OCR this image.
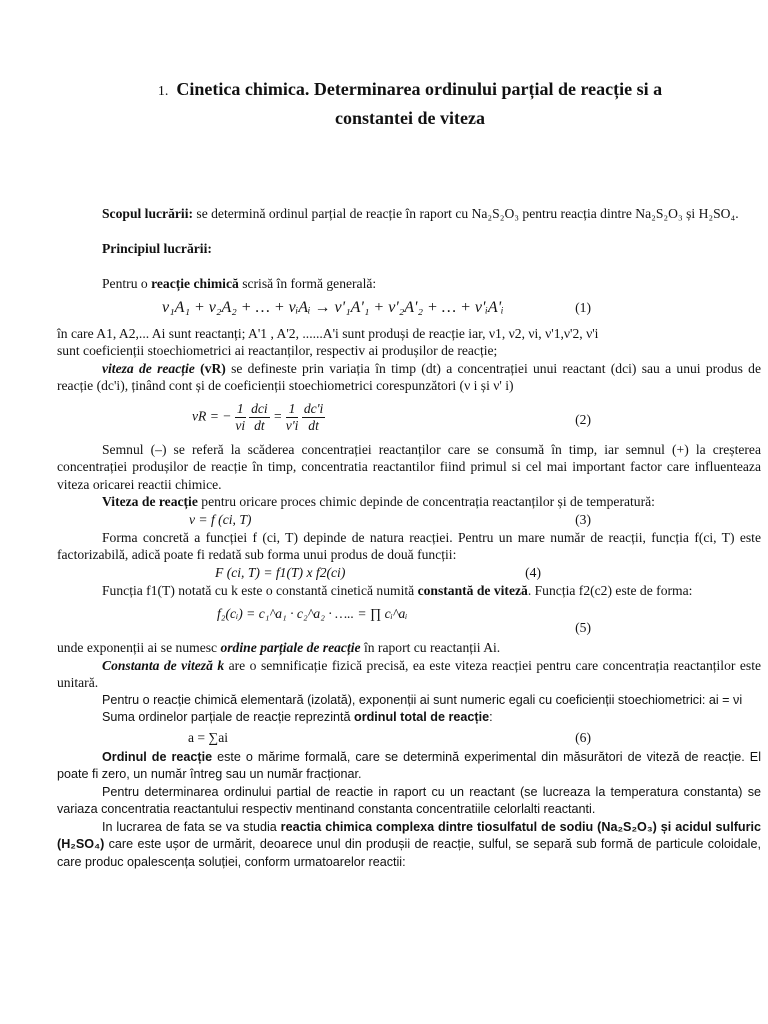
1. Cinetica chimica. Determinarea ordinului parțial de reacție si a
constantei de viteza

Scopul lucrării: se determină ordinul parțial de reacție în raport cu Na₂S₂O₃ pentru reacția dintre Na₂S₂O₃ și H₂SO₄.

Principiul lucrării:

Pentru o reacție chimică scrisă în formă generală:

ν₁A₁ + ν₂A₂ + … + νᵢAᵢ → ν'₁A'₁ + ν'₂A'₂ + … + ν'ᵢA'ᵢ	(1)

în care A1, A2,... Ai sunt reactanți; A'1 , A'2, ......A'i sunt produși de reacție iar, ν1, ν2, νi, ν'1,ν'2, ν'i

sunt coeficienții stoechiometrici ai reactanților, respectiv ai produșilor de reacție;

viteza de reacție (vR) se defineste prin variația în timp (dt) a concentrației unui reactant (dci) sau a unui produs de reacție (dc'i), ținând cont și de coeficienții stoechiometrici corespunzători (ν i și ν' i)

vR = − $\frac{1}{\nu i}$
$\frac{\text{dci}}{dt} = \frac{1}{\nu'i}$
$\frac{dc'i}{dt}$	(2)

Semnul (–) se referă la scăderea concentrației reactanților care se consumă în timp, iar semnul (+) la creșterea concentrației produșilor de reacție în timp, concentratia reactantilor fiind primul si cel mai important factor care influenteaza viteza oricarei reactii chimice.

Viteza de reacție pentru oricare proces chimic depinde de concentrația reactanților și de temperatură:

v = f (ci, T)	(3)

Forma concretă a funcției f (ci, T) depinde de natura reacției. Pentru un mare număr de reacții, funcția f(ci, T) este factorizabilă, adică poate fi redată sub forma unui produs de două funcții:

F (ci, T) = f1(T) x f2(ci)	(4)

Funcția f1(T) notată cu k este o constantă cinetică numită constantă de viteză. Funcția f2(c2) este de forma:

f₂(cᵢ) = c₁^a₁ · c₂^a₂ · ….. = ∏ cᵢ^aᵢ
(5)

unde exponenții ai se numesc ordine parțiale de reacție în raport cu reactanții Ai.

Constanta de viteză k are o semnificație fizică precisă, ea este viteza reacției pentru care concentrația reactanților este unitară.

Pentru o reacție chimică elementară (izolată), exponenții ai sunt numeric egali cu coeficienții stoechiometrici: ai = νi

Suma ordinelor parțiale de reacție reprezintă ordinul total de reacție:

a = ∑ai	(6)

Ordinul de reacție este o mărime formală, care se determină experimental din măsurători de viteză de reacție. El poate fi zero, un număr întreg sau un număr fracționar.

Pentru determinarea ordinului partial de reactie in raport cu un reactant (se lucreaza la temperatura constanta) se variaza concentratia reactantului respectiv mentinand constanta concentratiile celorlalti reactanti.

In lucrarea de fata se va studia reactia chimica complexa dintre tiosulfatul de sodiu (Na₂S₂O₃) și acidul sulfuric (H₂SO₄) care este ușor de urmărit, deoarece unul din produșii de reacție, sulful, se separă sub formă de particule coloidale, care produc opalescența soluției, conform urmatoarelor reactii:
